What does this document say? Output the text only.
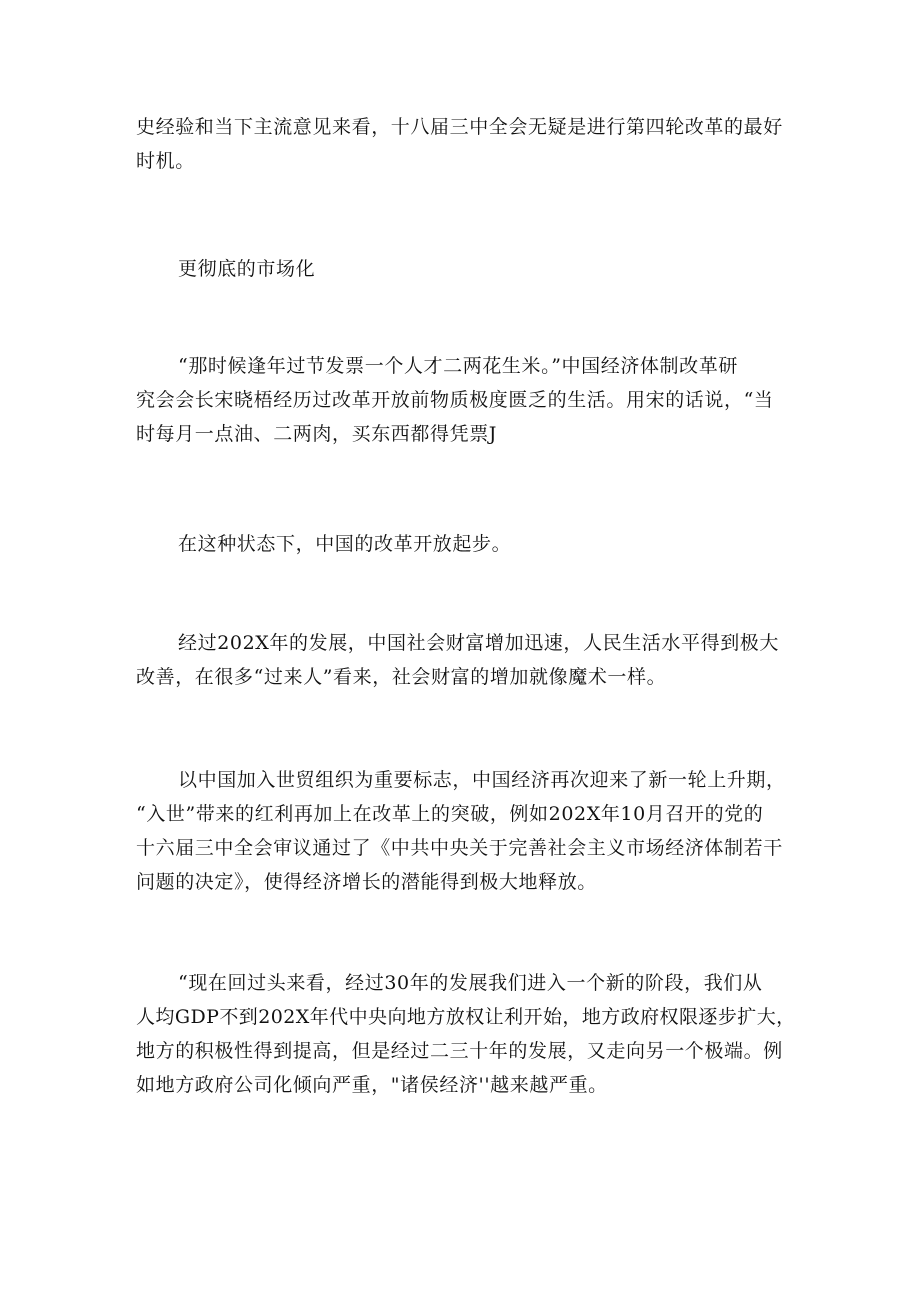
史经验和当下主流意见来看，十八届三中全会无疑是进行第四轮改革的最好
时机。
更彻底的市场化
“那时候逢年过节发票一个人才二两花生米。”中国经济体制改革研
究会会长宋晓梧经历过改革开放前物质极度匮乏的生活。用宋的话说，“当
时每月一点油、二两肉，买东西都得凭票J
在这种状态下，中国的改革开放起步。
经过202X年的发展，中国社会财富增加迅速，人民生活水平得到极大
改善，在很多“过来人”看来，社会财富的增加就像魔术一样。
以中国加入世贸组织为重要标志，中国经济再次迎来了新一轮上升期，
“入世”带来的红利再加上在改革上的突破，例如202X年10月召开的党的
十六届三中全会审议通过了《中共中央关于完善社会主义市场经济体制若干
问题的决定》，使得经济增长的潜能得到极大地释放。
“现在回过头来看，经过30年的发展我们进入一个新的阶段，我们从
人均GDP不到202X年代中央向地方放权让利开始，地方政府权限逐步扩大，
地方的积极性得到提高，但是经过二三十年的发展，又走向另一个极端。例
如地方政府公司化倾向严重，"诸侯经济''越来越严重。
